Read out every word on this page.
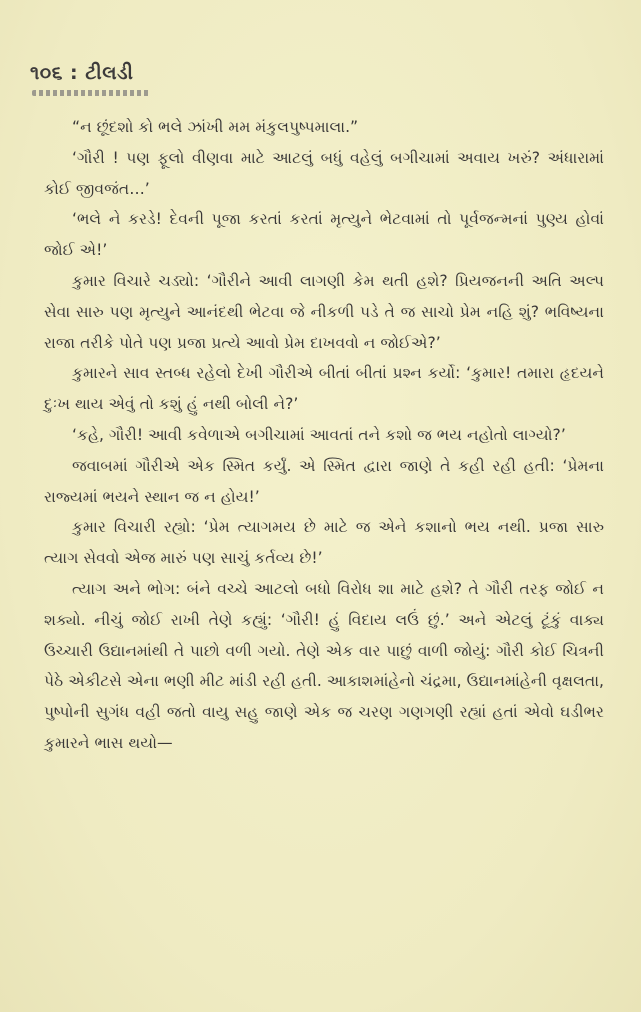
૧૦૬ : ટીલડી

“ન છૂંદશો કો ભલે ઝાંખી મમ મંકુલપુષ્પમાલા.”

‘ગૌરી ! પણ ફૂલો વીણવા માટે આટલું બધું વહેલું બગીચામાં અવાય ખરું? અંધારામાં કોઈ જીવજંત…’

‘ભલે ને કરડે! દેવની પૂજા કરતાં કરતાં મૃત્યુને ભેટવામાં તો પૂર્વજન્મનાં પુણ્ય હોવાં જોઈ એ!’

કુમાર વિચારે ચડ્યો: ‘ગૌરીને આવી લાગણી કેમ થતી હશે? પ્રિયજનની અતિ અલ્પ સેવા સારુ પણ મૃત્યુને આનંદથી ભેટવા જે નીકળી પડે તે જ સાચો પ્રેમ નહિ શું? ભવિષ્યના રાજા તરીકે પોતે પણ પ્રજા પ્રત્યે આવો પ્રેમ દાખવવો ન જોઈએ?’

કુમારને સાવ સ્તબ્ધ રહેલો દેખી ગૌરીએ બીતાં બીતાં પ્રશ્ન કર્યો: ‘કુમાર! તમારા હૃદયને દુઃખ થાય એવું તો કશું હું નથી બોલી ને?’

‘કહે, ગૌરી! આવી કવેળાએ બગીચામાં આવતાં તને કશો જ ભય નહોતો લાગ્યો?’

જવાબમાં ગૌરીએ એક સ્મિત કર્યું. એ સ્મિત દ્વારા જાણે તે કહી રહી હતી: ‘પ્રેમના રાજ્યમાં ભયને સ્થાન જ ન હોય!’

કુમાર વિચારી રહ્યો: ‘પ્રેમ ત્યાગમય છે માટે જ એને કશાનો ભય નથી. પ્રજા સારુ ત્યાગ સેવવો એજ મારું પણ સાચું કર્તવ્ય છે!’

ત્યાગ અને ભોગ: બંને વચ્ચે આટલો બધો વિરોધ શા માટે હશે? તે ગૌરી તરફ જોઈ ન શક્યો. નીચું જોઈ રાખી તેણે કહ્યું: ‘ગૌરી! હું વિદાય લઉં છું.’ અને એટલું ટૂંકું વાક્ય ઉચ્ચારી ઉદ્યાનમાંથી તે પાછો વળી ગયો. તેણે એક વાર પાછું વાળી જોયું: ગૌરી કોઈ ચિત્રની પેઠે એકીટસે એના ભણી મીટ માંડી રહી હતી. આકાશમાંહેનો ચંદ્રમા, ઉદ્યાનમાંહેની વૃક્ષલતા, પુષ્પોની સુગંધ વહી જતો વાયુ સહુ જાણે એક જ ચરણ ગણગણી રહ્યાં હતાં એવો ઘડીભર કુમારને ભાસ થયો—
